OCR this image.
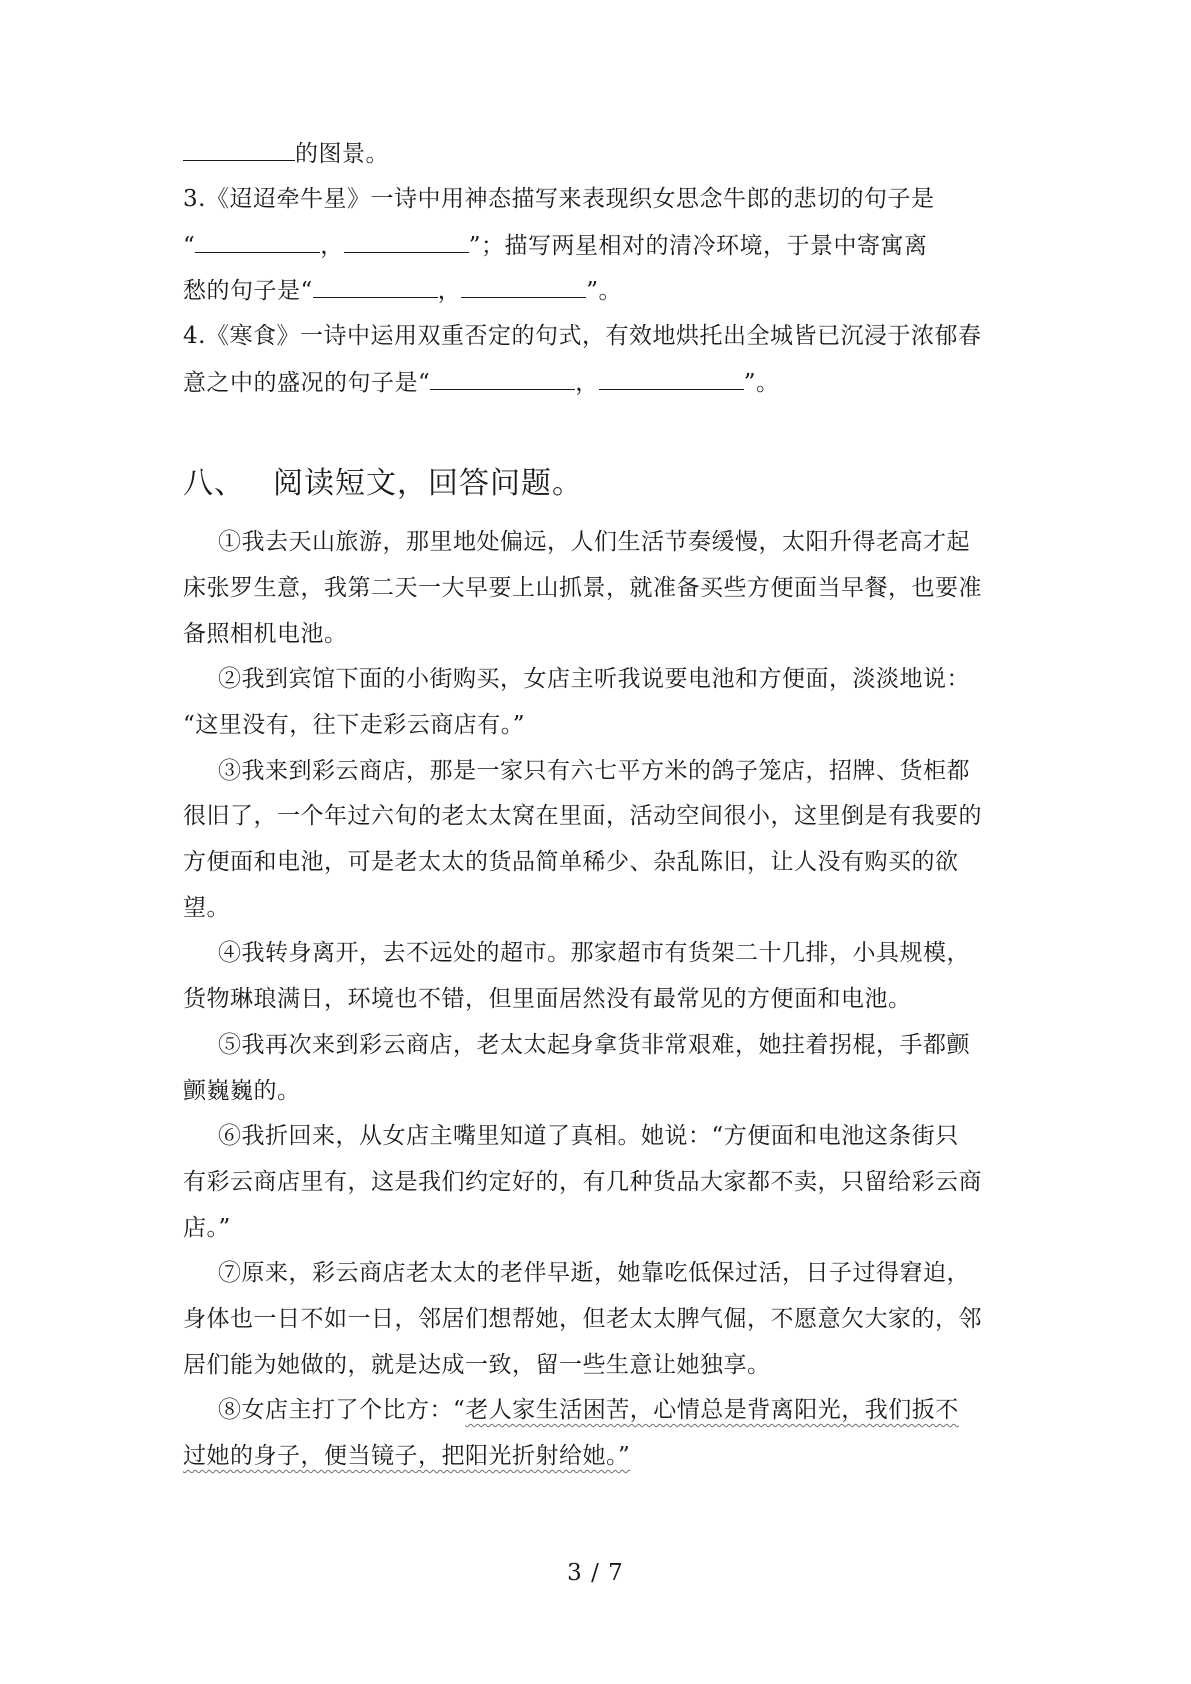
的图景。
3.《迢迢牵牛星》一诗中用神态描写来表现织女思念牛郎的悲切的句子是
“	，	”；描写两星相对的清冷环境，于景中寄寓离
愁的句子是“	，	”。
4.《寒食》一诗中运用双重否定的句式，有效地烘托出全城皆已沉浸于浓郁春
意之中的盛况的句子是“	，	”。
八、 阅读短文，回答问题。
①我去天山旅游，那里地处偏远，人们生活节奏缓慢，太阳升得老高才起
床张罗生意，我第二天一大早要上山抓景，就准备买些方便面当早餐，也要准
备照相机电池。
②我到宾馆下面的小街购买，女店主听我说要电池和方便面，淡淡地说：
“这里没有，往下走彩云商店有。”
③我来到彩云商店，那是一家只有六七平方米的鸽子笼店，招牌、货柜都
很旧了，一个年过六旬的老太太窝在里面，活动空间很小，这里倒是有我要的
方便面和电池，可是老太太的货品简单稀少、杂乱陈旧，让人没有购买的欲
望。
④我转身离开，去不远处的超市。那家超市有货架二十几排，小具规模，
货物琳琅满日，环境也不错，但里面居然没有最常见的方便面和电池。
⑤我再次来到彩云商店，老太太起身拿货非常艰难，她拄着拐棍，手都颤
颤巍巍的。
⑥我折回来，从女店主嘴里知道了真相。她说：“方便面和电池这条街只
有彩云商店里有，这是我们约定好的，有几种货品大家都不卖，只留给彩云商
店。”
⑦原来，彩云商店老太太的老伴早逝，她靠吃低保过活，日子过得窘迫，
身体也一日不如一日，邻居们想帮她，但老太太脾气倔，不愿意欠大家的，邻
居们能为她做的，就是达成一致，留一些生意让她独享。
⑧女店主打了个比方：“老人家生活困苦，心情总是背离阳光，我们扳不
过她的身子，便当镜子，把阳光折射给她。”
3 / 7
